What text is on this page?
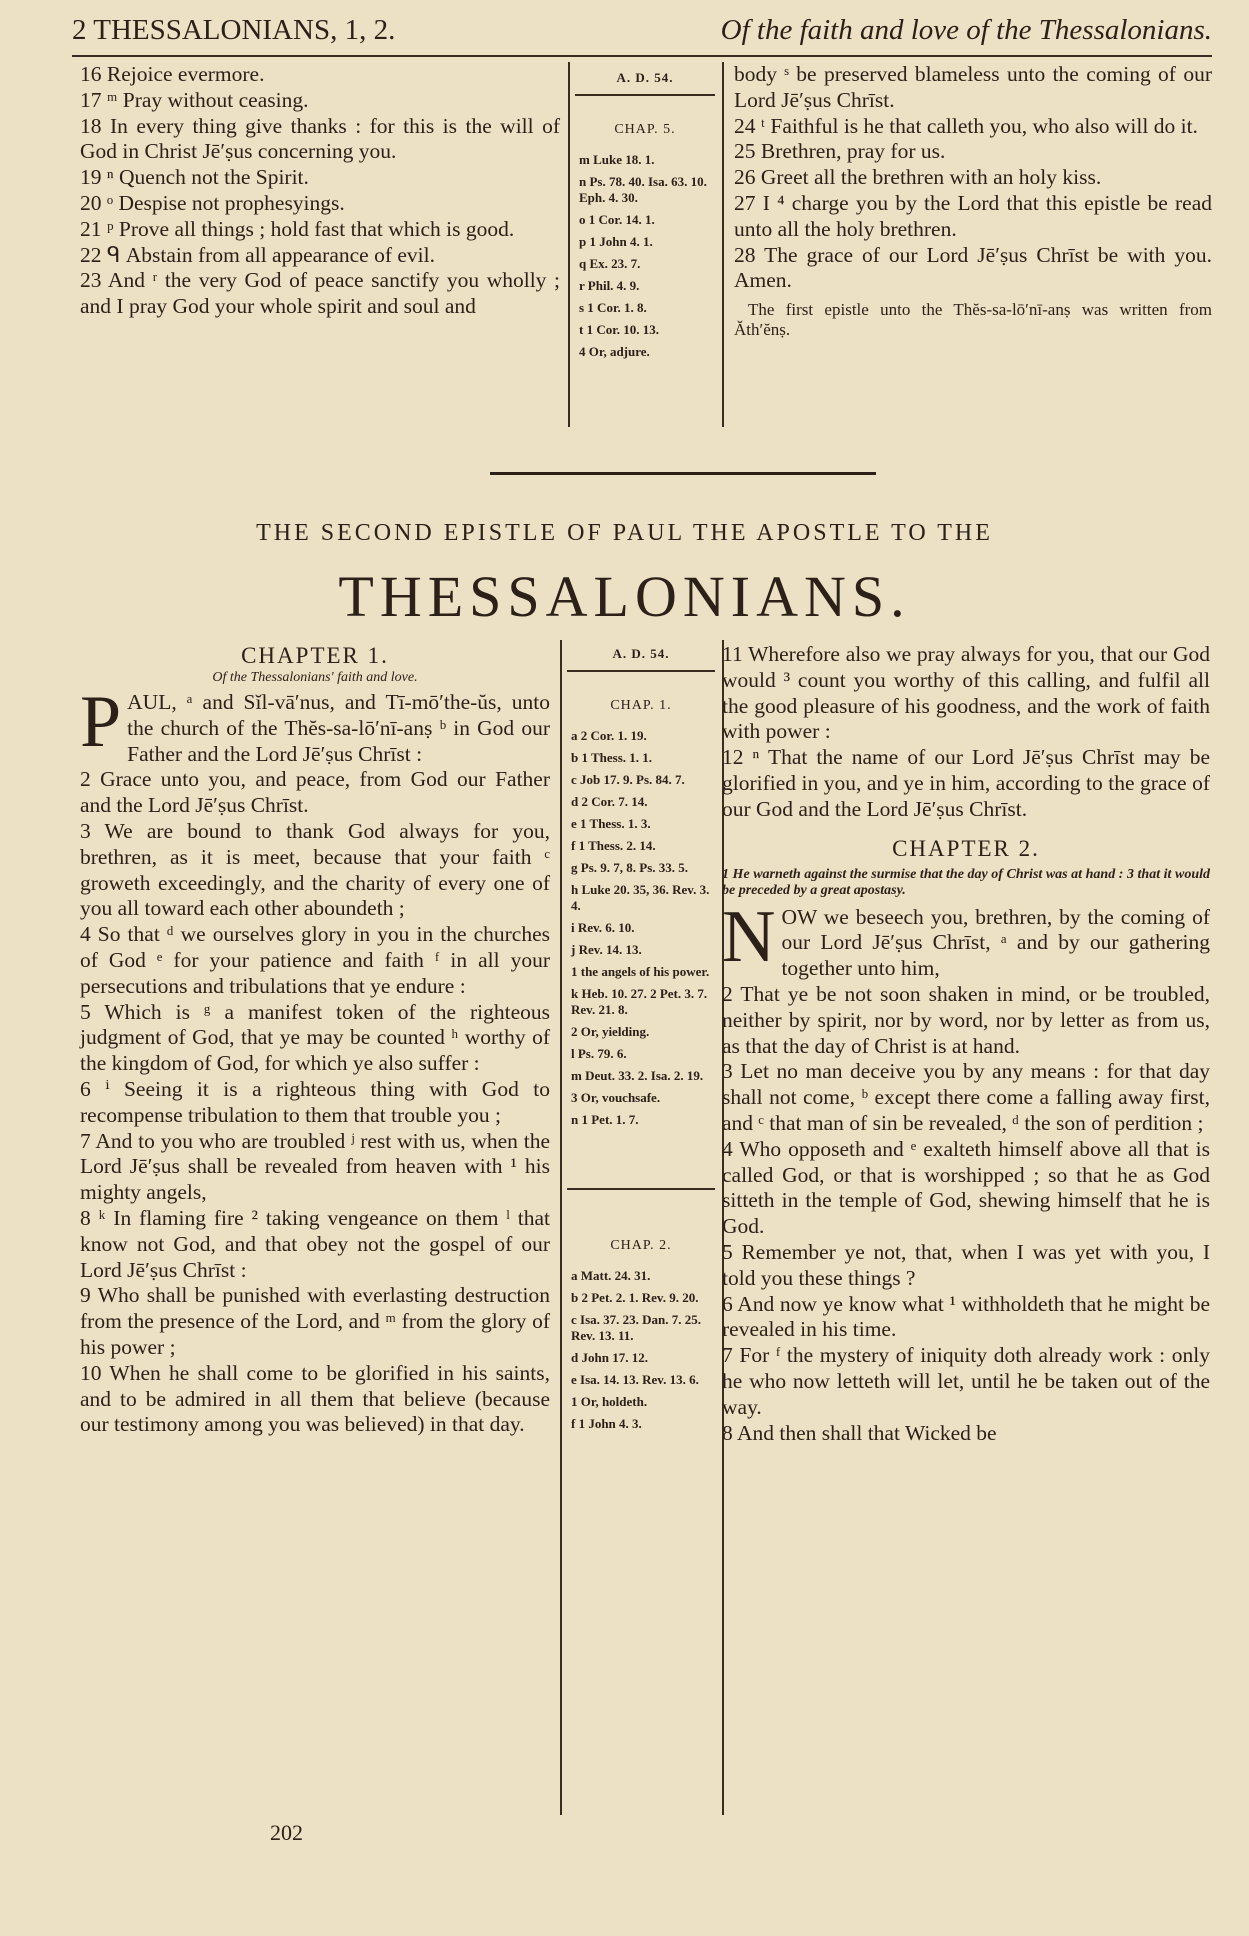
2 THESSALONIANS, 1, 2.	Of the faith and love of the Thessalonians.

16 Rejoice evermore.

17 ᵐ Pray without ceasing.

18 In every thing give thanks : for this is the will of God in Christ Jē′ṣus concerning you.

19 ⁿ Quench not the Spirit.

20 ᵒ Despise not prophesyings.

21 ᵖ Prove all things ; hold fast that which is good.

22 ᑫ Abstain from all appearance of evil.

23 And ʳ the very God of peace sanctify you wholly ; and I pray God your whole spirit and soul and

A. D. 54.
CHAP. 5.
m Luke 18. 1.
n Ps. 78. 40. Isa. 63. 10. Eph. 4. 30.
o 1 Cor. 14. 1.
p 1 John 4. 1.
q Ex. 23. 7.
r Phil. 4. 9.
s 1 Cor. 1. 8.
t 1 Cor. 10. 13.
4 Or, adjure.

body ˢ be preserved blameless unto the coming of our Lord Jē′ṣus Chrīst.

24 ᵗ Faithful is he that calleth you, who also will do it.

25 Brethren, pray for us.

26 Greet all the brethren with an holy kiss.

27 I ⁴ charge you by the Lord that this epistle be read unto all the holy brethren.

28 The grace of our Lord Jē′ṣus Chrīst be with you. Amen.

The first epistle unto the Thĕs-sa-lō′nī-anṣ was written from Ăth′ĕnṣ.
THE SECOND EPISTLE OF PAUL THE APOSTLE TO THE
THESSALONIANS.
CHAPTER 1.
Of the Thessalonians' faith and love.

PAUL, ᵃ and Sĭl-vā′nus, and Tī-mō′the-ŭs, unto the church of the Thĕs-sa-lō′nī-anṣ ᵇ in God our Father and the Lord Jē′ṣus Chrīst :

2 Grace unto you, and peace, from God our Father and the Lord Jē′ṣus Chrīst.

3 We are bound to thank God always for you, brethren, as it is meet, because that your faith ᶜ groweth exceedingly, and the charity of every one of you all toward each other aboundeth ;

4 So that ᵈ we ourselves glory in you in the churches of God ᵉ for your patience and faith ᶠ in all your persecutions and tribulations that ye endure :

5 Which is ᵍ a manifest token of the righteous judgment of God, that ye may be counted ʰ worthy of the kingdom of God, for which ye also suffer :

6 ⁱ Seeing it is a righteous thing with God to recompense tribulation to them that trouble you ;

7 And to you who are troubled ʲ rest with us, when the Lord Jē′ṣus shall be revealed from heaven with ¹ his mighty angels,

8 ᵏ In flaming fire ² taking vengeance on them ˡ that know not God, and that obey not the gospel of our Lord Jē′ṣus Chrīst :

9 Who shall be punished with everlasting destruction from the presence of the Lord, and ᵐ from the glory of his power ;

10 When he shall come to be glorified in his saints, and to be admired in all them that believe (because our testimony among you was believed) in that day.

A. D. 54.
CHAP. 1.
a 2 Cor. 1. 19.
b 1 Thess. 1. 1.
c Job 17. 9. Ps. 84. 7.
d 2 Cor. 7. 14.
e 1 Thess. 1. 3.
f 1 Thess. 2. 14.
g Ps. 9. 7, 8. Ps. 33. 5.
h Luke 20. 35, 36. Rev. 3. 4.
i Rev. 6. 10.
j Rev. 14. 13.
1 the angels of his power.
k Heb. 10. 27. 2 Pet. 3. 7. Rev. 21. 8.
2 Or, yielding.
l Ps. 79. 6.
m Deut. 33. 2. Isa. 2. 19.
3 Or, vouchsafe.
n 1 Pet. 1. 7.
CHAP. 2.
a Matt. 24. 31.
b 2 Pet. 2. 1. Rev. 9. 20.
c Isa. 37. 23. Dan. 7. 25. Rev. 13. 11.
d John 17. 12.
e Isa. 14. 13. Rev. 13. 6.
1 Or, holdeth.
f 1 John 4. 3.

11 Wherefore also we pray always for you, that our God would ³ count you worthy of this calling, and fulfil all the good pleasure of his goodness, and the work of faith with power :

12 ⁿ That the name of our Lord Jē′ṣus Chrīst may be glorified in you, and ye in him, according to the grace of our God and the Lord Jē′ṣus Chrīst.

CHAPTER 2.
1 He warneth against the surmise that the day of Christ was at hand : 3 that it would be preceded by a great apostasy.

NOW we beseech you, brethren, by the coming of our Lord Jē′ṣus Chrīst, ᵃ and by our gathering together unto him,

2 That ye be not soon shaken in mind, or be troubled, neither by spirit, nor by word, nor by letter as from us, as that the day of Christ is at hand.

3 Let no man deceive you by any means : for that day shall not come, ᵇ except there come a falling away first, and ᶜ that man of sin be revealed, ᵈ the son of perdition ;

4 Who opposeth and ᵉ exalteth himself above all that is called God, or that is worshipped ; so that he as God sitteth in the temple of God, shewing himself that he is God.

5 Remember ye not, that, when I was yet with you, I told you these things ?

6 And now ye know what ¹ withholdeth that he might be revealed in his time.

7 For ᶠ the mystery of iniquity doth already work : only he who now letteth will let, until he be taken out of the way.

8 And then shall that Wicked be

202
